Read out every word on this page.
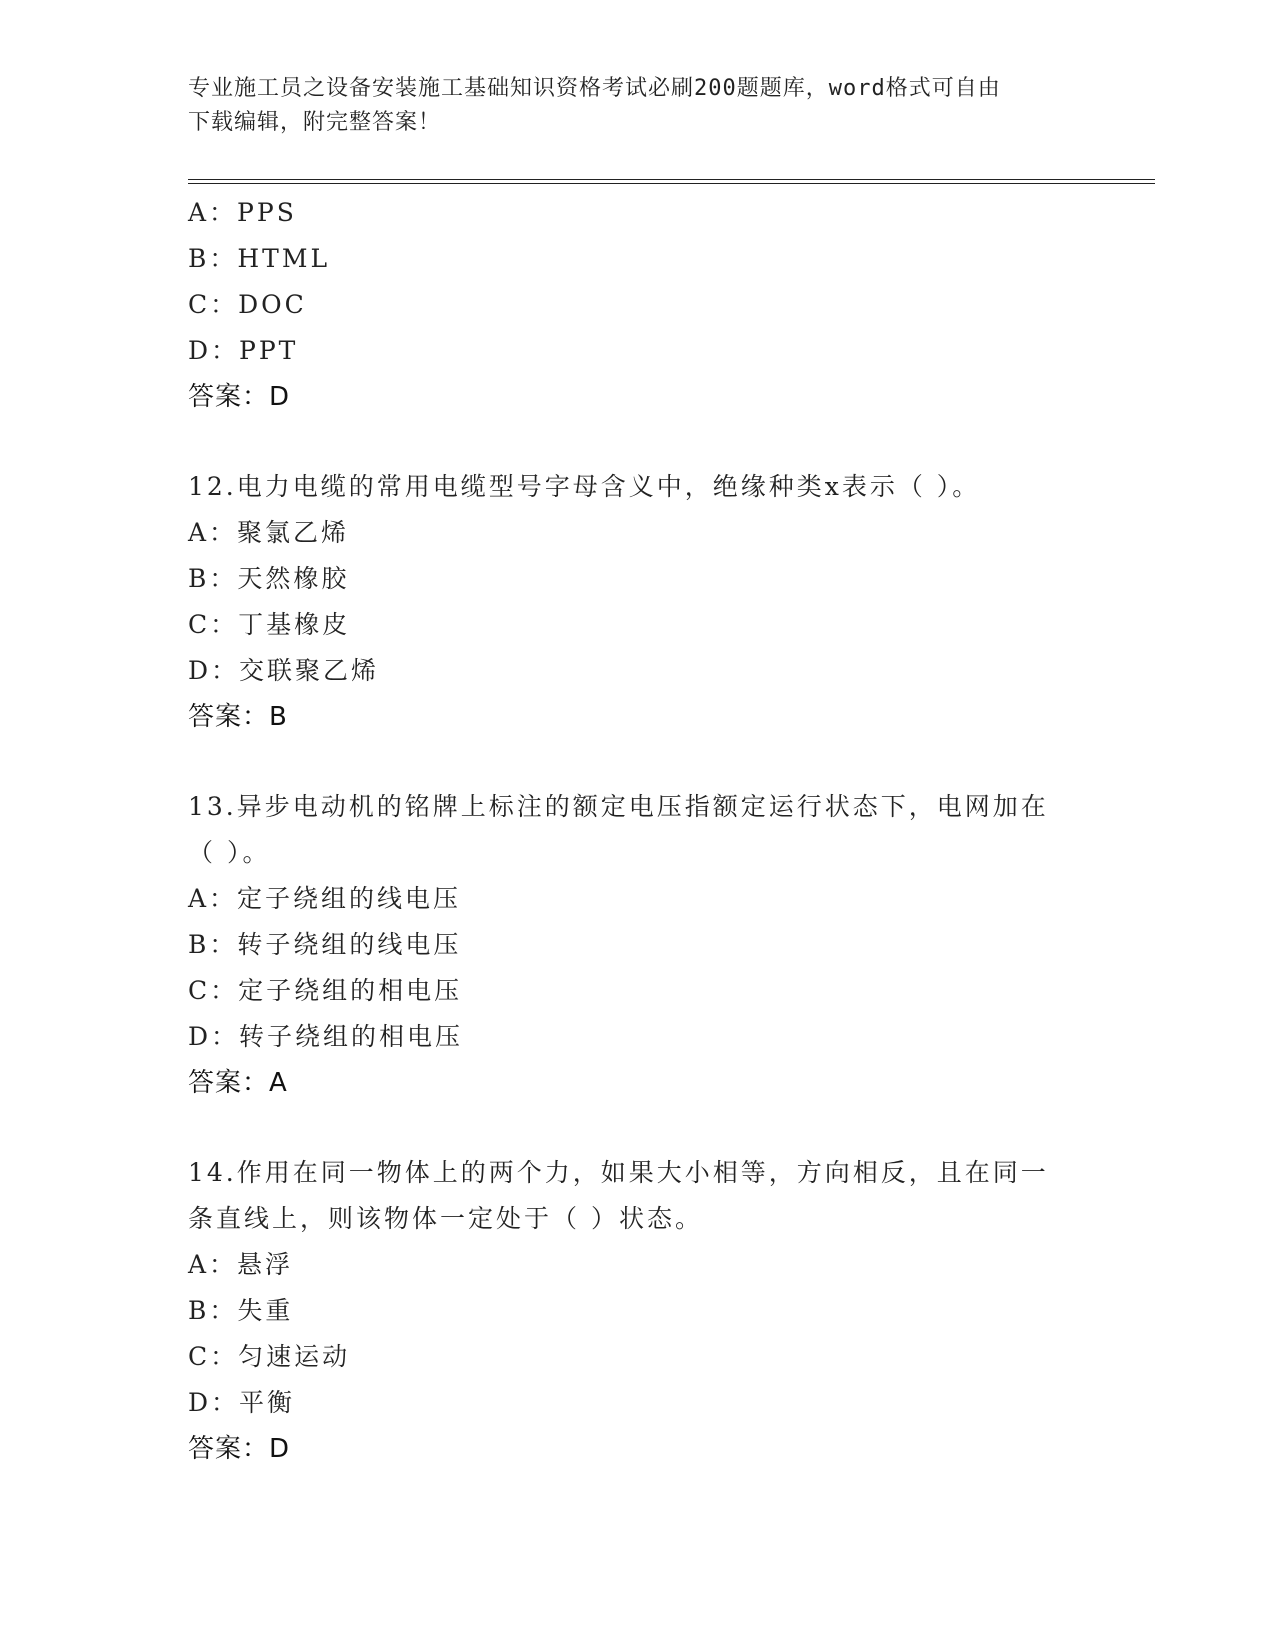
专业施工员之设备安装施工基础知识资格考试必刷200题题库，word格式可自由
下载编辑，附完整答案！
A：PPS
B：HTML
C：DOC
D：PPT
答案：D
12.电力电缆的常用电缆型号字母含义中，绝缘种类x表示（ ）。
A：聚氯乙烯
B：天然橡胶
C：丁基橡皮
D：交联聚乙烯
答案：B
13.异步电动机的铭牌上标注的额定电压指额定运行状态下，电网加在
（ ）。
A：定子绕组的线电压
B：转子绕组的线电压
C：定子绕组的相电压
D：转子绕组的相电压
答案：A
14.作用在同一物体上的两个力，如果大小相等，方向相反，且在同一
条直线上，则该物体一定处于（ ）状态。
A：悬浮
B：失重
C：匀速运动
D：平衡
答案：D
